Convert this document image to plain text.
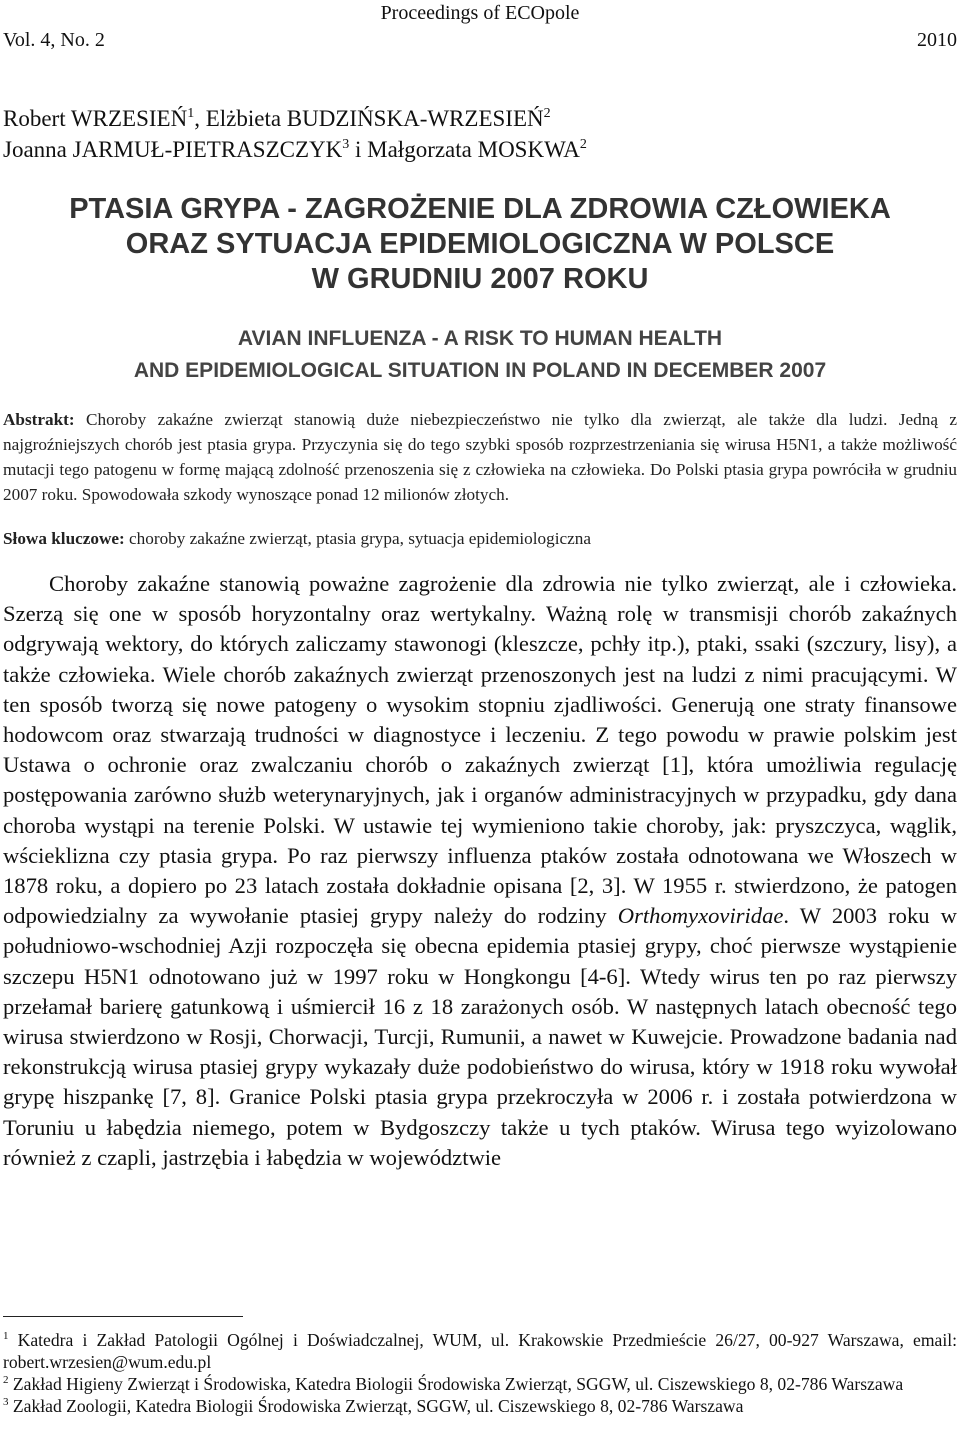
Proceedings of ECOpole
Vol. 4, No. 2	2010
Robert WRZESIEŃ$^1$, Elżbieta BUDZIŃSKA-WRZESIEŃ$^2$
Joanna JARMUŁ-PIETRASZCZYK$^3$ i Małgorzata MOSKWA$^2$
PTASIA GRYPA - ZAGROŻENIE DLA ZDROWIA CZŁOWIEKA
ORAZ SYTUACJA EPIDEMIOLOGICZNA W POLSCE
W GRUDNIU 2007 ROKU
AVIAN INFLUENZA - A RISK TO HUMAN HEALTH
AND EPIDEMIOLOGICAL SITUATION IN POLAND IN DECEMBER 2007
Abstrakt: Choroby zakaźne zwierząt stanowią duże niebezpieczeństwo nie tylko dla zwierząt, ale także dla ludzi. Jedną z najgroźniejszych chorób jest ptasia grypa. Przyczynia się do tego szybki sposób rozprzestrzeniania się wirusa H5N1, a także możliwość mutacji tego patogenu w formę mającą zdolność przenoszenia się z człowieka na człowieka. Do Polski ptasia grypa powróciła w grudniu 2007 roku. Spowodowała szkody wynoszące ponad 12 milionów złotych.
Słowa kluczowe: choroby zakaźne zwierząt, ptasia grypa, sytuacja epidemiologiczna
Choroby zakaźne stanowią poważne zagrożenie dla zdrowia nie tylko zwierząt, ale i człowieka. Szerzą się one w sposób horyzontalny oraz wertykalny. Ważną rolę w transmisji chorób zakaźnych odgrywają wektory, do których zaliczamy stawonogi (kleszcze, pchły itp.), ptaki, ssaki (szczury, lisy), a także człowieka. Wiele chorób zakaźnych zwierząt przenoszonych jest na ludzi z nimi pracującymi. W ten sposób tworzą się nowe patogeny o wysokim stopniu zjadliwości. Generują one straty finansowe hodowcom oraz stwarzają trudności w diagnostyce i leczeniu. Z tego powodu w prawie polskim jest Ustawa o ochronie oraz zwalczaniu chorób o zakaźnych zwierząt [1], która umożliwia regulację postępowania zarówno służb weterynaryjnych, jak i organów administracyjnych w przypadku, gdy dana choroba wystąpi na terenie Polski. W ustawie tej wymieniono takie choroby, jak: pryszczyca, wąglik, wścieklizna czy ptasia grypa. Po raz pierwszy influenza ptaków została odnotowana we Włoszech w 1878 roku, a dopiero po 23 latach została dokładnie opisana [2, 3]. W 1955 r. stwierdzono, że patogen odpowiedzialny za wywołanie ptasiej grypy należy do rodziny Orthomyxoviridae. W 2003 roku w południowo-wschodniej Azji rozpoczęła się obecna epidemia ptasiej grypy, choć pierwsze wystąpienie szczepu H5N1 odnotowano już w 1997 roku w Hongkongu [4-6]. Wtedy wirus ten po raz pierwszy przełamał barierę gatunkową i uśmiercił 16 z 18 zarażonych osób. W następnych latach obecność tego wirusa stwierdzono w Rosji, Chorwacji, Turcji, Rumunii, a nawet w Kuwejcie. Prowadzone badania nad rekonstrukcją wirusa ptasiej grypy wykazały duże podobieństwo do wirusa, który w 1918 roku wywołał grypę hiszpankę [7, 8]. Granice Polski ptasia grypa przekroczyła w 2006 r. i została potwierdzona w Toruniu u łabędzia niemego, potem w Bydgoszczy także u tych ptaków. Wirusa tego wyizolowano również z czapli, jastrzębia i łabędzia w województwie
$^1$ Katedra i Zakład Patologii Ogólnej i Doświadczalnej, WUM, ul. Krakowskie Przedmieście 26/27, 00-927 Warszawa, email: robert.wrzesien@wum.edu.pl
$^2$ Zakład Higieny Zwierząt i Środowiska, Katedra Biologii Środowiska Zwierząt, SGGW, ul. Ciszewskiego 8, 02-786 Warszawa
$^3$ Zakład Zoologii, Katedra Biologii Środowiska Zwierząt, SGGW, ul. Ciszewskiego 8, 02-786 Warszawa
